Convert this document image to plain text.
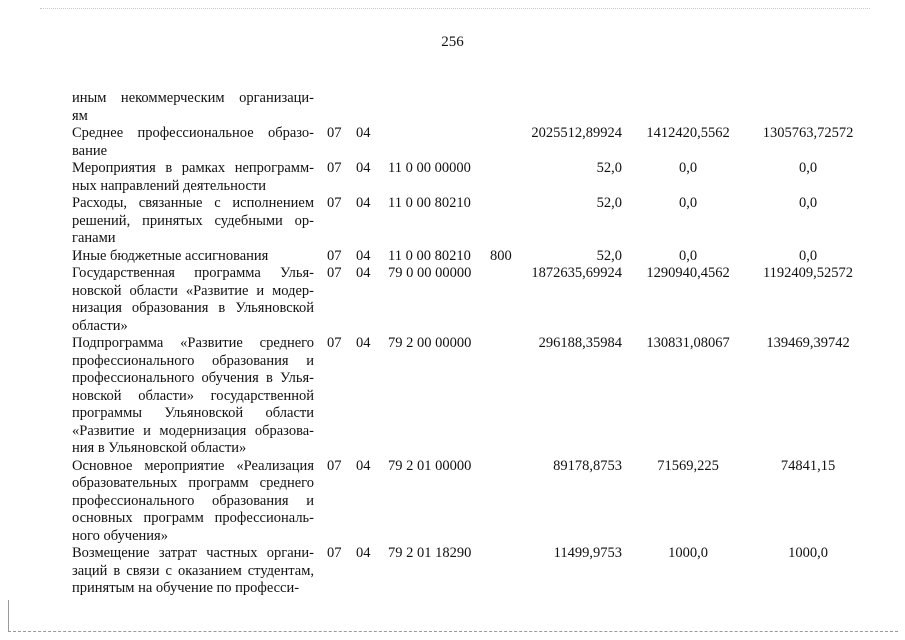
256
иным некоммерческим организаци-
ям
Среднее профессиональное образо-
вание
07 04	2025512,89924	1412420,5562	1305763,72572
Мероприятия в рамках непрограмм-
ных направлений деятельности
07 04 11 0 00 00000	52,0	0,0	0,0
Расходы, связанные с исполнением
решений, принятых судебными ор-
ганами
07 04 11 0 00 80210	52,0	0,0	0,0
Иные бюджетные ассигнования	07 04 11 0 00 80210 800	52,0	0,0	0,0
Государственная программа Улья-
новской области «Развитие и модер-
низация образования в Ульяновской
области»
07 04 79 0 00 00000	1872635,69924	1290940,4562	1192409,52572
Подпрограмма «Развитие среднего
профессионального образования и
профессионального обучения в Улья-
новской области» государственной
программы Ульяновской области
«Развитие и модернизация образова-
ния в Ульяновской области»
07 04 79 2 00 00000	296188,35984	130831,08067	139469,39742
Основное мероприятие «Реализация
образовательных программ среднего
профессионального образования и
основных программ профессиональ-
ного обучения»
07 04 79 2 01 00000	89178,8753	71569,225	74841,15
Возмещение затрат частных органи-
заций в связи с оказанием студентам,
принятым на обучение по професси-
07 04 79 2 01 18290	11499,9753	1000,0	1000,0
